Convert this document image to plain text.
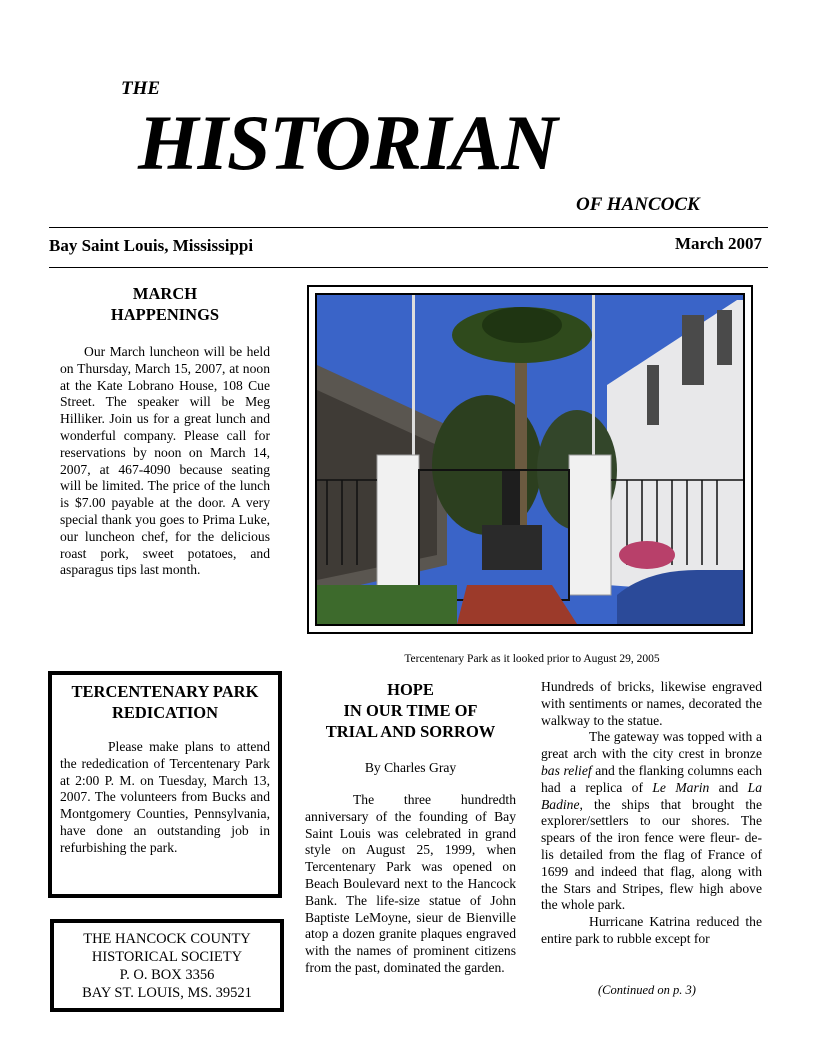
THE
HISTORIAN
OF HANCOCK
Bay Saint Louis, Mississippi	March 2007
MARCH
HAPPENINGS

Our March luncheon will be held on Thursday, March 15, 2007, at noon at the Kate Lobrano House, 108 Cue Street. The speaker will be Meg Hilliker. Join us for a great lunch and wonderful company. Please call for reservations by noon on March 14, 2007, at 467-4090 because seating will be limited. The price of the lunch is $7.00 payable at the door. A very special thank you goes to Prima Luke, our luncheon chef, for the delicious roast pork, sweet potatoes, and asparagus tips last month.

Tercentenary Park as it looked prior to August 29, 2005
TERCENTENARY PARK
REDICATION

Please make plans to attend the rededication of Tercentenary Park at 2:00 P. M. on Tuesday, March 13, 2007. The volunteers from Bucks and Montgomery Counties, Pennsylvania, have done an outstanding job in refurbishing the park.

THE HANCOCK COUNTY
HISTORICAL SOCIETY
P. O. BOX 3356
BAY ST. LOUIS, MS. 39521
HOPE
IN OUR TIME OF
TRIAL AND SORROW
By Charles Gray

The three hundredth anniversary of the founding of Bay Saint Louis was celebrated in grand style on August 25, 1999, when Tercentenary Park was opened on Beach Boulevard next to the Hancock Bank. The life-size statue of John Baptiste LeMoyne, sieur de Bienville atop a dozen granite plaques engraved with the names of prominent citizens from the past, dominated the garden.

Hundreds of bricks, likewise engraved with sentiments or names, decorated the walkway to the statue.

The gateway was topped with a great arch with the city crest in bronze bas relief and the flanking columns each had a replica of Le Marin and La Badine, the ships that brought the explorer/settlers to our shores. The spears of the iron fence were fleur- de-lis detailed from the flag of France of 1699 and indeed that flag, along with the Stars and Stripes, flew high above the whole park.

Hurricane Katrina reduced the entire park to rubble except for

(Continued on p. 3)
